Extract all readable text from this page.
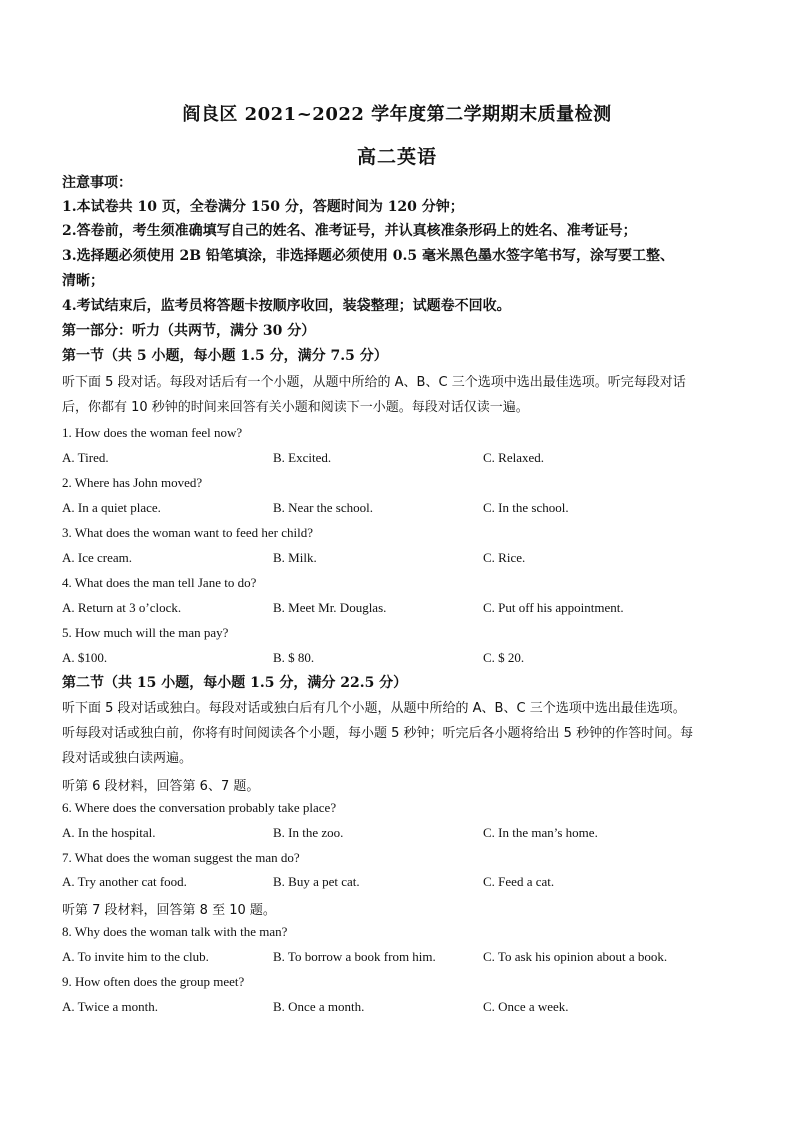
阎良区 2021~2022 学年度第二学期期末质量检测
高二英语
注意事项：
1.本试卷共 10 页，全卷满分 150 分，答题时间为 120 分钟；
2.答卷前，考生须准确填写自己的姓名、准考证号，并认真核准条形码上的姓名、准考证号；
3.选择题必须使用 2B 铅笔填涂，非选择题必须使用 0.5 毫米黑色墨水签字笔书写，涂写要工整、
清晰；
4.考试结束后，监考员将答题卡按顺序收回，装袋整理；试题卷不回收。
第一部分：听力（共两节，满分 30 分）
第一节（共 5 小题，每小题 1.5 分，满分 7.5 分）
听下面 5 段对话。每段对话后有一个小题，从题中所给的 A、B、C 三个选项中选出最佳选项。听完每段对话
后，你都有 10 秒钟的时间来回答有关小题和阅读下一小题。每段对话仅读一遍。
1. How does the woman feel now?
A. Tired.	B. Excited.	C. Relaxed.
2. Where has John moved?
A. In a quiet place.	B. Near the school.	C. In the school.
3. What does the woman want to feed her child?
A. Ice cream.	B. Milk.	C. Rice.
4. What does the man tell Jane to do?
A. Return at 3 o’clock.	B. Meet Mr. Douglas.	C. Put off his appointment.
5. How much will the man pay?
A. $100.	B. $ 80.	C. $ 20.
第二节（共 15 小题，每小题 1.5 分，满分 22.5 分）
听下面 5 段对话或独白。每段对话或独白后有几个小题，从题中所给的 A、B、C 三个选项中选出最佳选项。
听每段对话或独白前，你将有时间阅读各个小题，每小题 5 秒钟；听完后各小题将给出 5 秒钟的作答时间。每
段对话或独白读两遍。
听第 6 段材料，回答第 6、7 题。
6. Where does the conversation probably take place?
A. In the hospital.	B. In the zoo.	C. In the man’s home.
7. What does the woman suggest the man do?
A. Try another cat food.	B. Buy a pet cat.	C. Feed a cat.
听第 7 段材料，回答第 8 至 10 题。
8. Why does the woman talk with the man?
A. To invite him to the club.	B. To borrow a book from him.	C. To ask his opinion about a book.
9. How often does the group meet?
A. Twice a month.	B. Once a month.	C. Once a week.
